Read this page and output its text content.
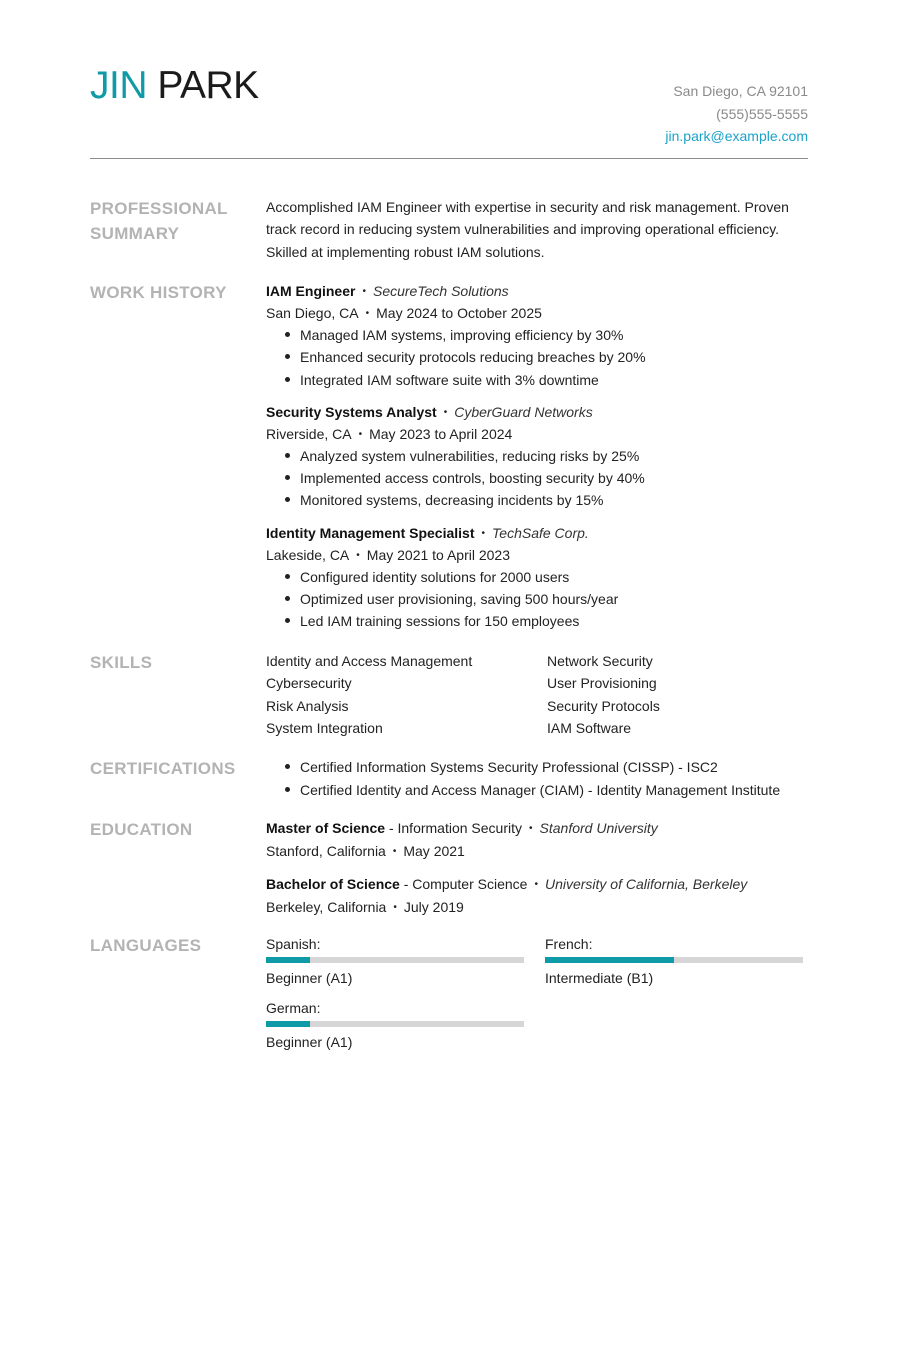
JIN PARK	San Diego, CA 92101
(555)555-5555
jin.park@example.com
PROFESSIONAL SUMMARY
Accomplished IAM Engineer with expertise in security and risk management. Proven track record in reducing system vulnerabilities and improving operational efficiency. Skilled at implementing robust IAM solutions.
WORK HISTORY	IAM Engineer • SecureTech Solutions
San Diego, CA • May 2024 to October 2025
Managed IAM systems, improving efficiency by 30%
Enhanced security protocols reducing breaches by 20%
Integrated IAM software suite with 3% downtime
Security Systems Analyst • CyberGuard Networks
Riverside, CA • May 2023 to April 2024
Analyzed system vulnerabilities, reducing risks by 25%
Implemented access controls, boosting security by 40%
Monitored systems, decreasing incidents by 15%
Identity Management Specialist • TechSafe Corp.
Lakeside, CA • May 2021 to April 2023
Configured identity solutions for 2000 users
Optimized user provisioning, saving 500 hours/year
Led IAM training sessions for 150 employees
SKILLS	Identity and Access Management	Network Security
Cybersecurity	User Provisioning
Risk Analysis	Security Protocols
System Integration	IAM Software
CERTIFICATIONS	Certified Information Systems Security Professional (CISSP) - ISC2
Certified Identity and Access Manager (CIAM) - Identity Management Institute
EDUCATION	Master of Science - Information Security • Stanford University
Stanford, California • May 2021
Bachelor of Science - Computer Science • University of California, Berkeley
Berkeley, California • July 2019
LANGUAGES	Spanish:
Beginner (A1)
French:
Intermediate (B1)
German:
Beginner (A1)
